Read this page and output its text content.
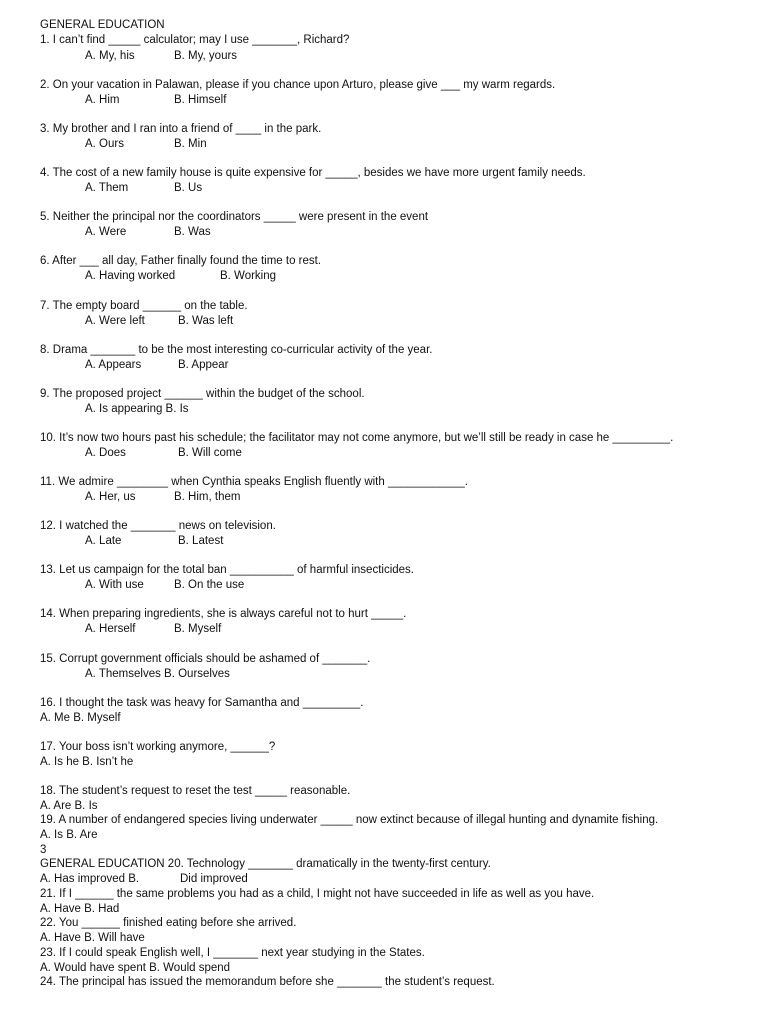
GENERAL EDUCATION
1. I can’t find _____ calculator; may I use _______, Richard?
A. My, his	B. My, yours
2. On your vacation in Palawan, please if you chance upon Arturo, please give ___ my warm regards.
A. Him	B. Himself
3. My brother and I ran into a friend of ____ in the park.
A. Ours	B. Min
4. The cost of a new family house is quite expensive for _____, besides we have more urgent family needs.
A. Them	B. Us
5. Neither the principal nor the coordinators _____ were present in the event
A. Were	B. Was
6. After ___ all day, Father finally found the time to rest.
A. Having worked	B. Working
7. The empty board ______ on the table.
A. Were left	B. Was left
8. Drama _______ to be the most interesting co-curricular activity of the year.
A. Appears	B. Appear
9. The proposed project ______ within the budget of the school.
A. Is appearing B. Is
10. It’s now two hours past his schedule; the facilitator may not come anymore, but we’ll still be ready in case he _________.
A. Does	B. Will come
11. We admire ________ when Cynthia speaks English fluently with ____________.
A. Her, us	B. Him, them
12. I watched the _______ news on television.
A. Late	B. Latest
13. Let us campaign for the total ban __________ of harmful insecticides.
A. With use	B. On the use
14. When preparing ingredients, she is always careful not to hurt _____.
A. Herself	B. Myself
15. Corrupt government officials should be ashamed of _______.
A. Themselves B. Ourselves
16. I thought the task was heavy for Samantha and _________.
A. Me B. Myself
17. Your boss isn’t working anymore, ______?
A. Is he B. Isn’t he
18. The student’s request to reset the test _____ reasonable.
A. Are B. Is
19. A number of endangered species living underwater _____ now extinct because of illegal hunting and dynamite fishing.
A. Is B. Are
3
GENERAL EDUCATION 20. Technology _______ dramatically in the twenty-first century.
A. Has improved B.	Did improved
21. If I ______ the same problems you had as a child, I might not have succeeded in life as well as you have.
A. Have B. Had
22. You ______ finished eating before she arrived.
A. Have B. Will have
23. If I could speak English well, I _______ next year studying in the States.
A. Would have spent B. Would spend
24. The principal has issued the memorandum before she _______ the student’s request.
